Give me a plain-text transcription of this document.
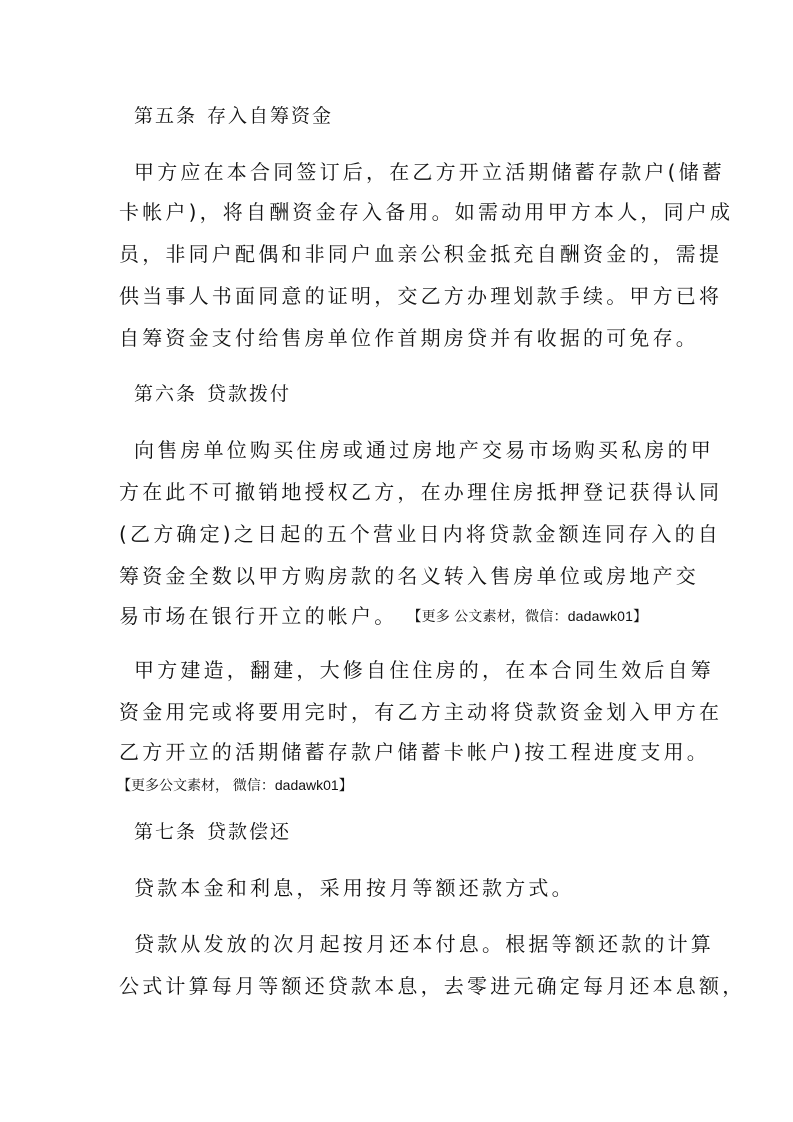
第五条 存入自筹资金
甲方应在本合同签订后，在乙方开立活期储蓄存款户(储蓄
卡帐户)，将自酬资金存入备用。如需动用甲方本人，同户成
员，非同户配偶和非同户血亲公积金抵充自酬资金的，需提
供当事人书面同意的证明，交乙方办理划款手续。甲方已将
自筹资金支付给售房单位作首期房贷并有收据的可免存。
第六条 贷款拨付
向售房单位购买住房或通过房地产交易市场购买私房的甲
方在此不可撤销地授权乙方，在办理住房抵押登记获得认同
(乙方确定)之日起的五个营业日内将贷款金额连同存入的自
筹资金全数以甲方购房款的名义转入售房单位或房地产交
易市场在银行开立的帐户。 【更多 公文素材，微信：dadawk01】
甲方建造，翻建，大修自住住房的，在本合同生效后自筹
资金用完或将要用完时，有乙方主动将贷款资金划入甲方在
乙方开立的活期储蓄存款户储蓄卡帐户)按工程进度支用。
【更多公文素材， 微信：dadawk01】
第七条 贷款偿还
贷款本金和利息，采用按月等额还款方式。
贷款从发放的次月起按月还本付息。根据等额还款的计算
公式计算每月等额还贷款本息，去零进元确定每月还本息额，
